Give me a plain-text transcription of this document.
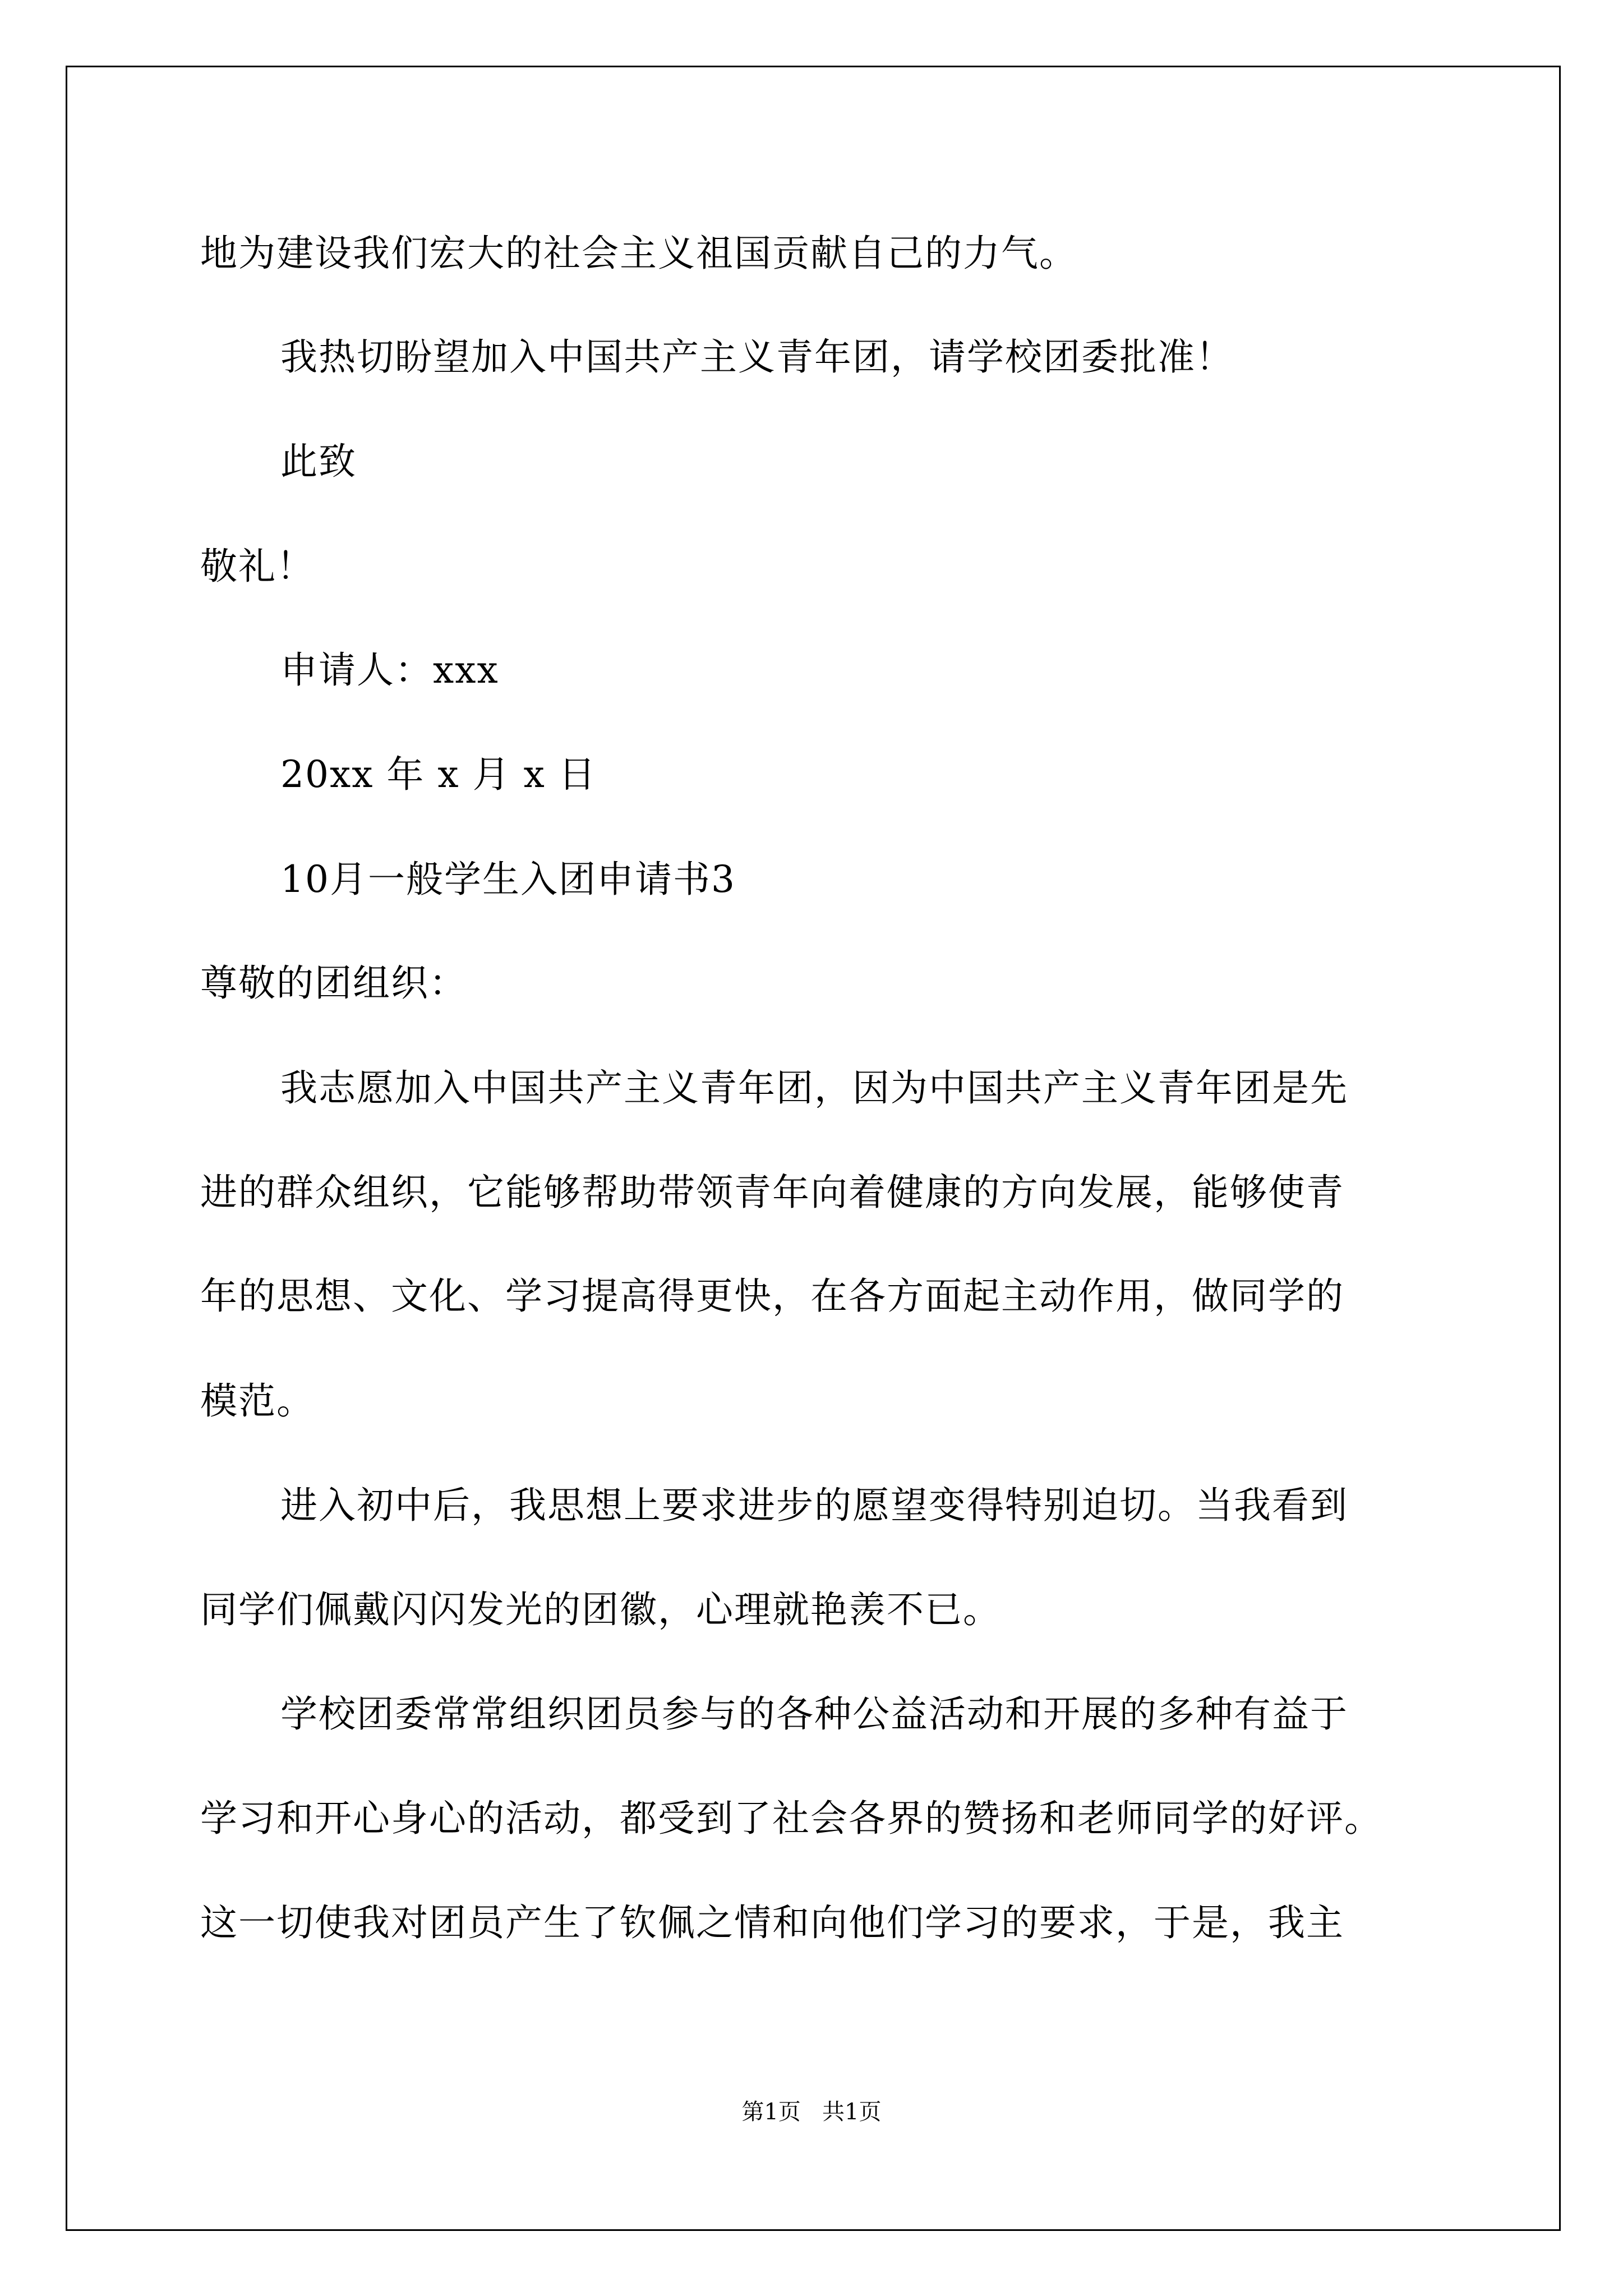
地为建设我们宏大的社会主义祖国贡献自己的力气。
我热切盼望加入中国共产主义青年团，请学校团委批准！
此致
敬礼！
申请人：xxx
20xx 年 x 月 x 日
10月一般学生入团申请书3
尊敬的团组织：
我志愿加入中国共产主义青年团，因为中国共产主义青年团是先
进的群众组织，它能够帮助带领青年向着健康的方向发展，能够使青
年的思想、文化、学习提高得更快，在各方面起主动作用，做同学的
模范。
进入初中后，我思想上要求进步的愿望变得特别迫切。当我看到
同学们佩戴闪闪发光的团徽，心理就艳羡不已。
学校团委常常组织团员参与的各种公益活动和开展的多种有益于
学习和开心身心的活动，都受到了社会各界的赞扬和老师同学的好评。
这一切使我对团员产生了钦佩之情和向他们学习的要求，于是，我主
第1页   共1页
